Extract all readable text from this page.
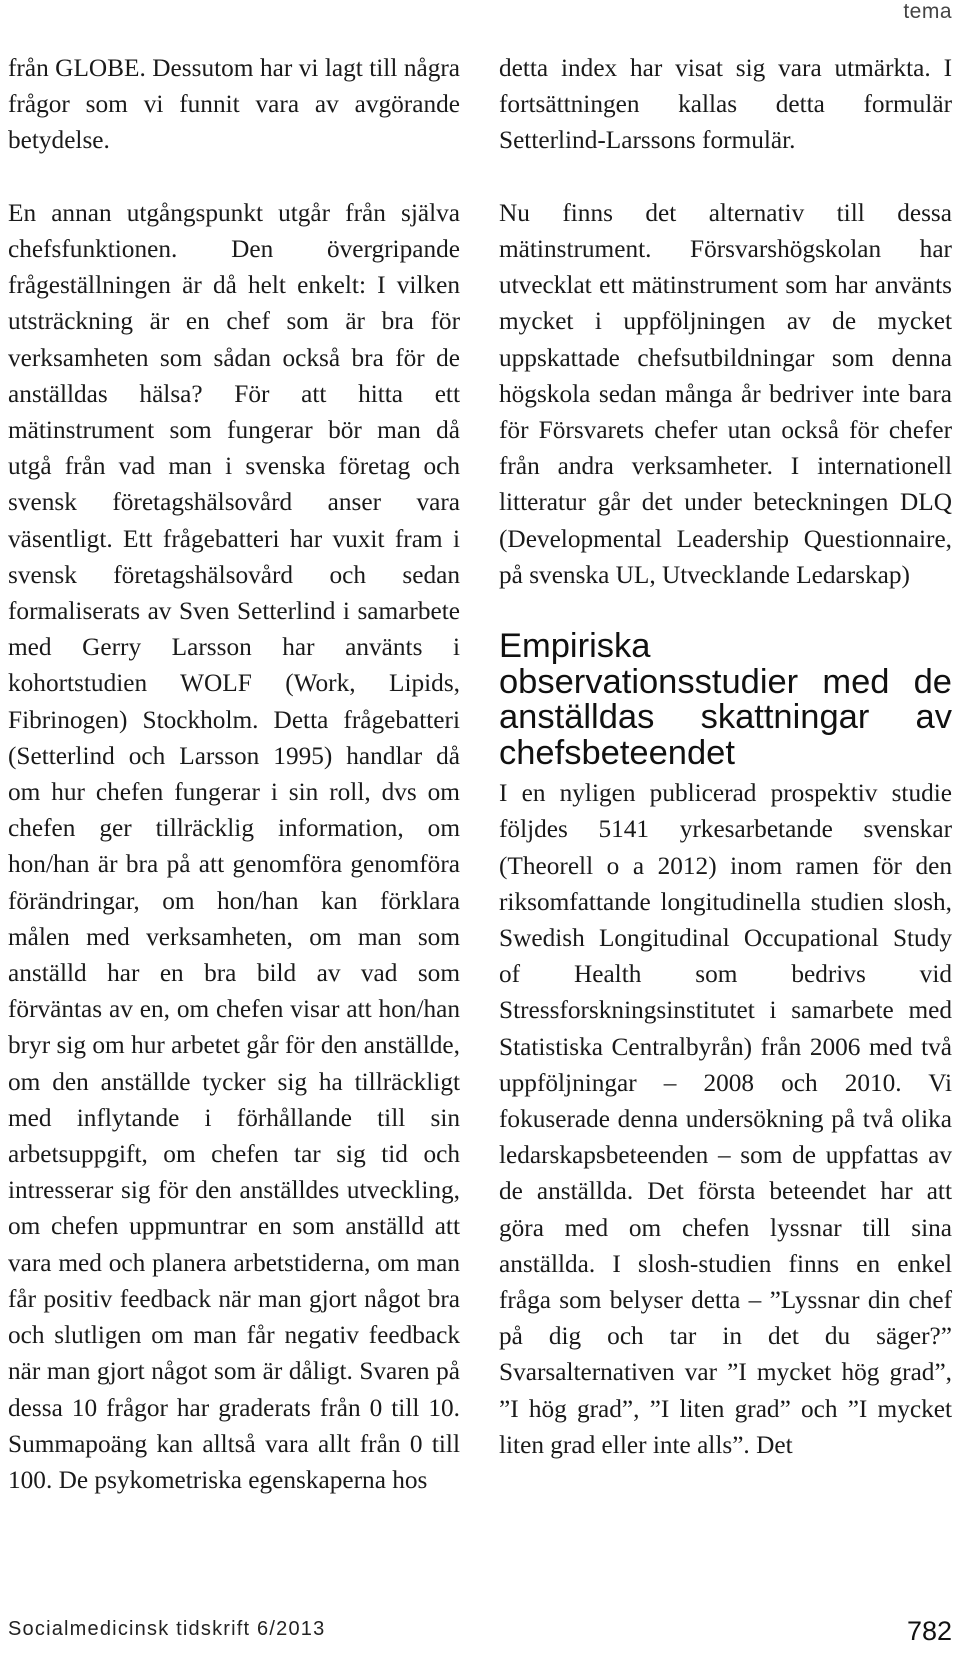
tema

från GLOBE. Dessutom har vi lagt till några frågor som vi funnit vara av avgörande betydelse.

En annan utgångspunkt utgår från själva chefsfunktionen. Den övergripande frågeställningen är då helt enkelt: I vilken utsträckning är en chef som är bra för verksamheten som sådan också bra för de anställdas hälsa? För att hitta ett mätinstrument som fungerar bör man då utgå från vad man i svenska företag och svensk företagshälsovård anser vara väsentligt. Ett frågebatteri har vuxit fram i svensk företagshälsovård och sedan formaliserats av Sven Setterlind i samarbete med Gerry Larsson har använts i kohortstudien WOLF (Work, Lipids, Fibrinogen) Stockholm. Detta frågebatteri (Setterlind och Larsson 1995) handlar då om hur chefen fungerar i sin roll, dvs om chefen ger tillräcklig information, om hon/han är bra på att genomföra genomföra förändringar, om hon/han kan förklara målen med verksamheten, om man som anställd har en bra bild av vad som förväntas av en, om chefen visar att hon/han bryr sig om hur arbetet går för den anställde, om den anställde tycker sig ha tillräckligt med inflytande i förhållande till sin arbetsuppgift, om chefen tar sig tid och intresserar sig för den anställdes utveckling, om chefen uppmuntrar en som anställd att vara med och planera arbetstiderna, om man får positiv feedback när man gjort något bra och slutligen om man får negativ feedback när man gjort något som är dåligt. Svaren på dessa 10 frågor har graderats från 0 till 10. Summapoäng kan alltså vara allt från 0 till 100. De psykometriska egenskaperna hos

detta index har visat sig vara utmärkta. I fortsättningen kallas detta formulär Setterlind-Larssons formulär.

Nu finns det alternativ till dessa mätinstrument. Försvarshögskolan har utvecklat ett mätinstrument som har använts mycket i uppföljningen av de mycket uppskattade chefsutbildningar som denna högskola sedan många år bedriver inte bara för Försvarets chefer utan också för chefer från andra verksamheter. I internationell litteratur går det under beteckningen DLQ (Developmental Leadership Questionnaire, på svenska UL, Utvecklande Ledarskap)

Empiriska observationsstudier med de anställdas skattningar av chefsbeteendet

I en nyligen publicerad prospektiv studie följdes 5141 yrkesarbetande svenskar (Theorell o a 2012) inom ramen för den riksomfattande longitudinella studien slosh, Swedish Longitudinal Occupational Study of Health som bedrivs vid Stressforskningsinstitutet i samarbete med Statistiska Centralbyrån) från 2006 med två uppföljningar – 2008 och 2010. Vi fokuserade denna undersökning på två olika ledarskapsbeteenden – som de uppfattas av de anställda. Det första beteendet har att göra med om chefen lyssnar till sina anställda. I slosh-studien finns en enkel fråga som belyser detta – ”Lyssnar din chef på dig och tar in det du säger?” Svarsalternativen var ”I mycket hög grad”, ”I hög grad”, ”I liten grad” och ”I mycket liten grad eller inte alls”. Det

Socialmedicinsk tidskrift 6/2013	782
